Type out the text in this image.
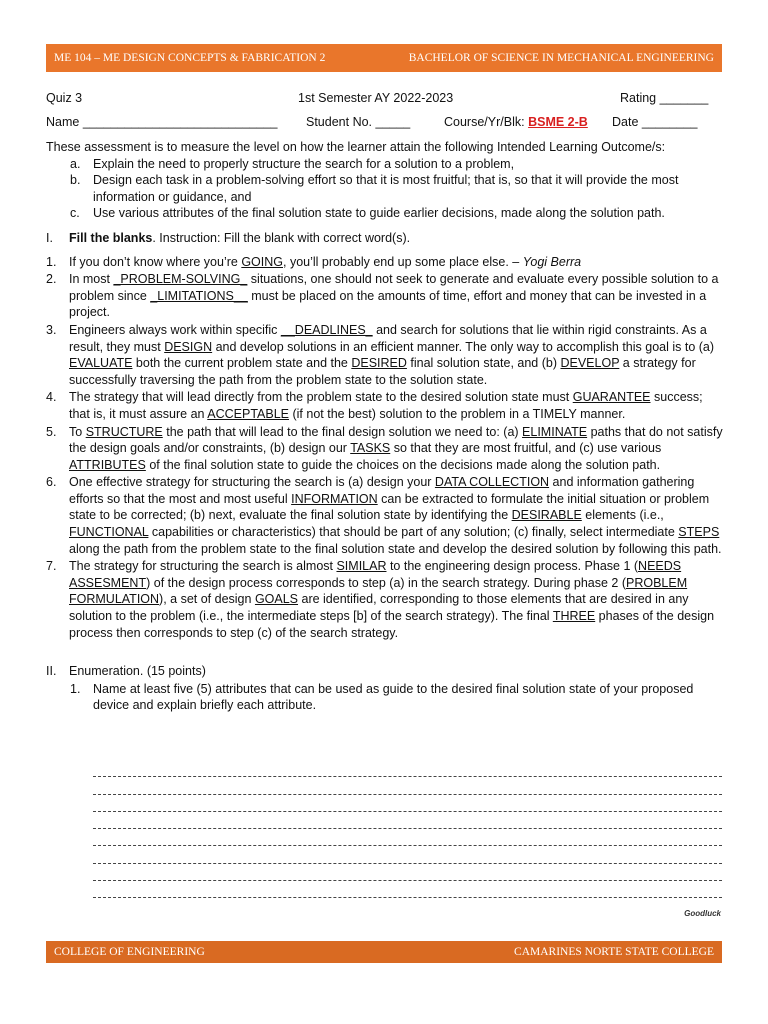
ME 104 – ME DESIGN CONCEPTS & FABRICATION 2	BACHELOR OF SCIENCE IN MECHANICAL ENGINEERING
Quiz 3	1st Semester AY 2022-2023	Rating _______
Name ____________________________ Student No. _____	Course/Yr/Blk: BSME 2-B Date ________

These assessment is to measure the level on how the learner attain the following Intended Learning Outcome/s:

a. Explain the need to properly structure the search for a solution to a problem,
b. Design each task in a problem-solving effort so that it is most fruitful; that is, so that it will provide the most information or guidance, and
c. Use various attributes of the final solution state to guide earlier decisions, made along the solution path.
I. Fill the blanks. Instruction: Fill the blank with correct word(s).
1. If you don’t know where you’re GOING, you’ll probably end up some place else. – Yogi Berra
2. In most _PROBLEM-SOLVING_ situations, one should not seek to generate and evaluate every possible solution to a problem since _LIMITATIONS__ must be placed on the amounts of time, effort and money that can be invested in a project.
3. Engineers always work within specific __DEADLINES_ and search for solutions that lie within rigid constraints. As a result, they must DESIGN and develop solutions in an efficient manner. The only way to accomplish this goal is to (a) EVALUATE both the current problem state and the DESIRED final solution state, and (b) DEVELOP a strategy for successfully traversing the path from the problem state to the solution state.
4. The strategy that will lead directly from the problem state to the desired solution state must GUARANTEE success; that is, it must assure an ACCEPTABLE (if not the best) solution to the problem in a TIMELY manner.
5. To STRUCTURE the path that will lead to the final design solution we need to: (a) ELIMINATE paths that do not satisfy the design goals and/or constraints, (b) design our TASKS so that they are most fruitful, and (c) use various ATTRIBUTES of the final solution state to guide the choices on the decisions made along the solution path.
6. One effective strategy for structuring the search is (a) design your DATA COLLECTION and information gathering efforts so that the most and most useful INFORMATION can be extracted to formulate the initial situation or problem state to be corrected; (b) next, evaluate the final solution state by identifying the DESIRABLE elements (i.e., FUNCTIONAL capabilities or characteristics) that should be part of any solution; (c) finally, select intermediate STEPS along the path from the problem state to the final solution state and develop the desired solution by following this path.
7. The strategy for structuring the search is almost SIMILAR to the engineering design process. Phase 1 (NEEDS ASSESMENT) of the design process corresponds to step (a) in the search strategy. During phase 2 (PROBLEM FORMULATION), a set of design GOALS are identified, corresponding to those elements that are desired in any solution to the problem (i.e., the intermediate steps [b] of the search strategy). The final THREE phases of the design process then corresponds to step (c) of the search strategy.
II. Enumeration. (15 points)
1. Name at least five (5) attributes that can be used as guide to the desired final solution state of your proposed device and explain briefly each attribute.
Goodluck
COLLEGE OF ENGINEERING	CAMARINES NORTE STATE COLLEGE
